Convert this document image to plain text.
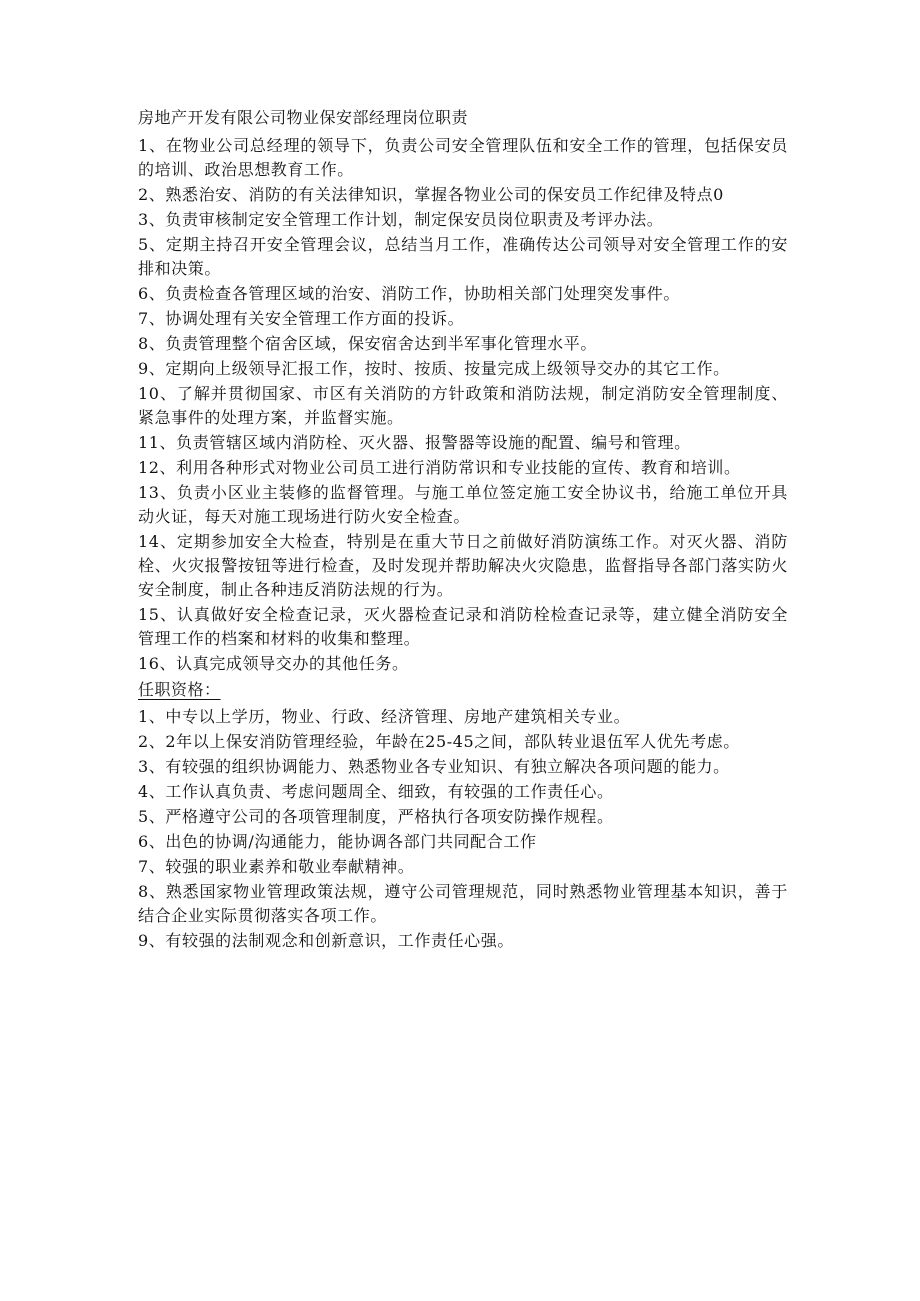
房地产开发有限公司物业保安部经理岗位职责
1、在物业公司总经理的领导下，负责公司安全管理队伍和安全工作的管理，包括保安员的培训、政治思想教育工作。
2、熟悉治安、消防的有关法律知识，掌握各物业公司的保安员工作纪律及特点0
3、负责审核制定安全管理工作计划，制定保安员岗位职责及考评办法。
5、定期主持召开安全管理会议，总结当月工作，准确传达公司领导对安全管理工作的安排和决策。
6、负责检查各管理区域的治安、消防工作，协助相关部门处理突发事件。
7、协调处理有关安全管理工作方面的投诉。
8、负责管理整个宿舍区域，保安宿舍达到半军事化管理水平。
9、定期向上级领导汇报工作，按时、按质、按量完成上级领导交办的其它工作。
10、了解并贯彻国家、市区有关消防的方针政策和消防法规，制定消防安全管理制度、紧急事件的处理方案，并监督实施。
11、负责管辖区域内消防栓、灭火器、报警器等设施的配置、编号和管理。
12、利用各种形式对物业公司员工进行消防常识和专业技能的宣传、教育和培训。
13、负责小区业主装修的监督管理。与施工单位签定施工安全协议书，给施工单位开具动火证，每天对施工现场进行防火安全检查。
14、定期参加安全大检查，特别是在重大节日之前做好消防演练工作。对灭火器、消防栓、火灾报警按钮等进行检查，及时发现并帮助解决火灾隐患，监督指导各部门落实防火安全制度，制止各种违反消防法规的行为。
15、认真做好安全检查记录，灭火器检查记录和消防栓检查记录等，建立健全消防安全管理工作的档案和材料的收集和整理。
16、认真完成领导交办的其他任务。
任职资格：
1、中专以上学历，物业、行政、经济管理、房地产建筑相关专业。
2、2年以上保安消防管理经验，年龄在25-45之间，部队转业退伍军人优先考虑。
3、有较强的组织协调能力、熟悉物业各专业知识、有独立解决各项问题的能力。
4、工作认真负责、考虑问题周全、细致，有较强的工作责任心。
5、严格遵守公司的各项管理制度，严格执行各项安防操作规程。
6、出色的协调/沟通能力，能协调各部门共同配合工作
7、较强的职业素养和敬业奉献精神。
8、熟悉国家物业管理政策法规，遵守公司管理规范，同时熟悉物业管理基本知识，善于结合企业实际贯彻落实各项工作。
9、有较强的法制观念和创新意识，工作责任心强。
